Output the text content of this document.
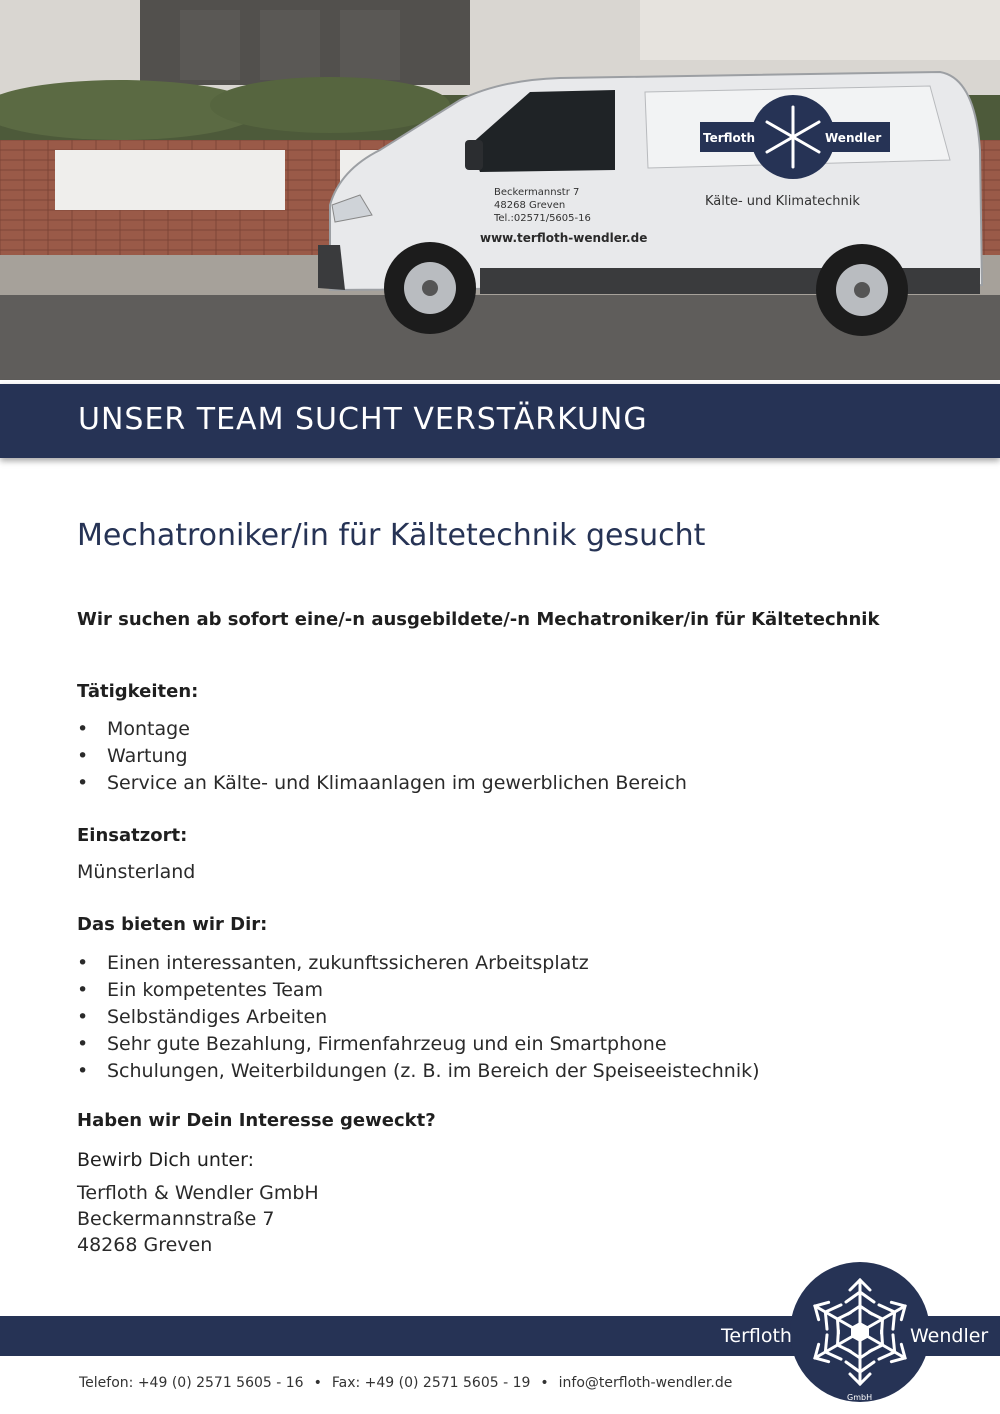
Beckermannstr 7
48268 Greven
Tel.:02571/5605-16
www.terfloth-wendler.de
Kälte- und Klimatechnik
Terfloth	Wendler
UNSER TEAM SUCHT VERSTÄRKUNG
Mechatroniker/in für Kältetechnik gesucht
Wir suchen ab sofort eine/-n ausgebildete/-n Mechatroniker/in für Kältetechnik
Tätigkeiten:
• Montage
• Wartung
• Service an Kälte- und Klimaanlagen im gewerblichen Bereich
Einsatzort:
Münsterland
Das bieten wir Dir:
• Einen interessanten, zukunftssicheren Arbeitsplatz
• Ein kompetentes Team
• Selbständiges Arbeiten
• Sehr gute Bezahlung, Firmenfahrzeug und ein Smartphone
• Schulungen, Weiterbildungen (z. B. im Bereich der Speiseeistechnik)
Haben wir Dein Interesse geweckt?
Bewirb Dich unter:
Terfloth & Wendler GmbH
Beckermannstraße 7
48268 Greven
Terfloth	Wendler
GmbH
Telefon: +49 (0) 2571 5605 - 16 • Fax: +49 (0) 2571 5605 - 19 • info@terfloth-wendler.de
